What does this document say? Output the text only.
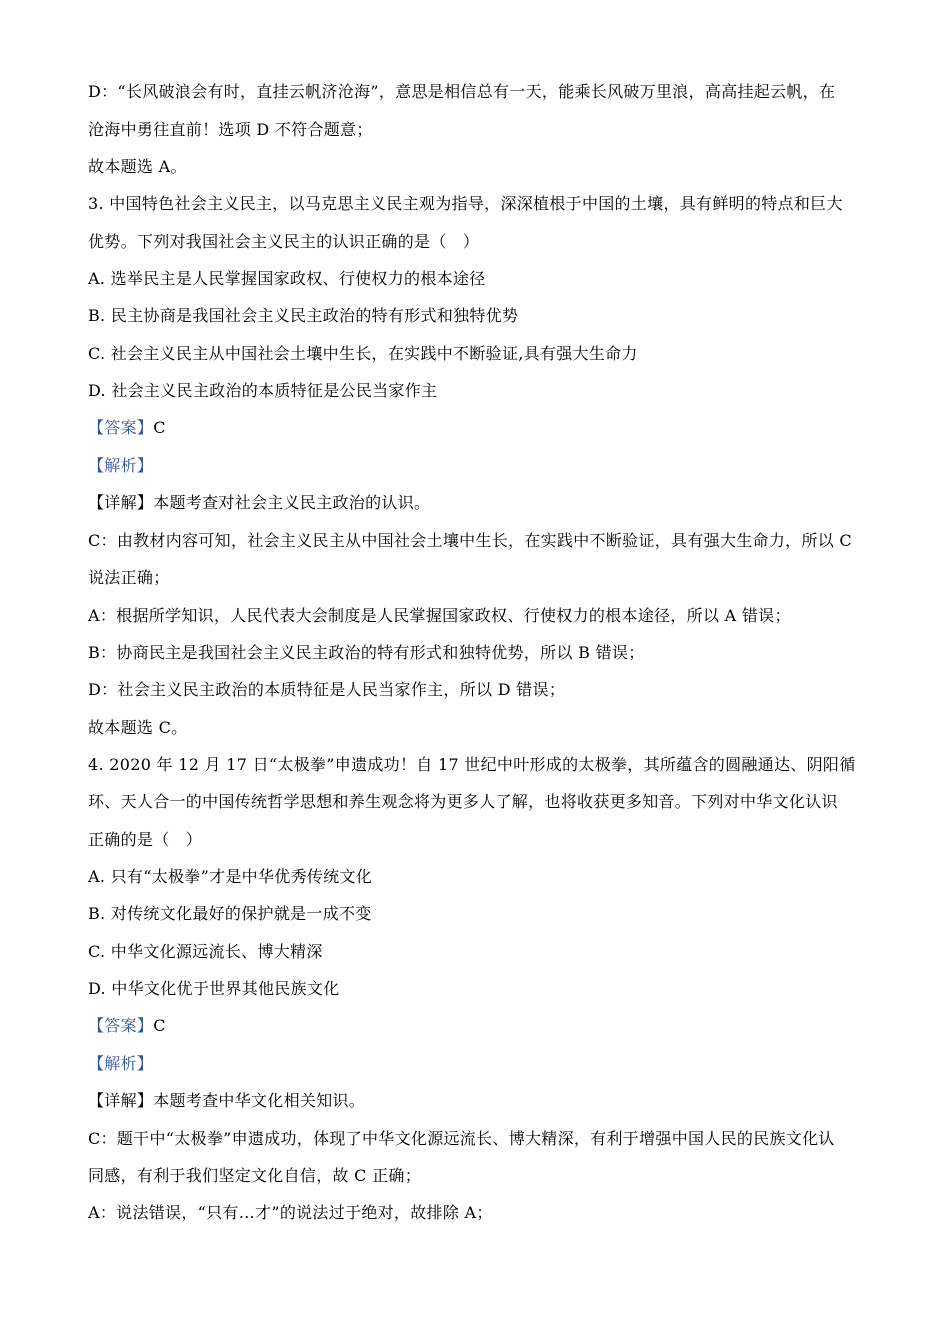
D：“长风破浪会有时，直挂云帆济沧海”，意思是相信总有一天，能乘长风破万里浪，高高挂起云帆，在
沧海中勇往直前！选项 D 不符合题意；
故本题选 A。
3. 中国特色社会主义民主，以马克思主义民主观为指导，深深植根于中国的土壤，具有鲜明的特点和巨大
优势。下列对我国社会主义民主的认识正确的是（　）
A. 选举民主是人民掌握国家政权、行使权力的根本途径
B. 民主协商是我国社会主义民主政治的特有形式和独特优势
C. 社会主义民主从中国社会土壤中生长，在实践中不断验证,具有强大生命力
D. 社会主义民主政治的本质特征是公民当家作主
【答案】C
【解析】
【详解】本题考查对社会主义民主政治的认识。
C：由教材内容可知，社会主义民主从中国社会土壤中生长，在实践中不断验证，具有强大生命力，所以 C
说法正确；
A：根据所学知识，人民代表大会制度是人民掌握国家政权、行使权力的根本途径，所以 A 错误；
B：协商民主是我国社会主义民主政治的特有形式和独特优势，所以 B 错误；
D：社会主义民主政治的本质特征是人民当家作主，所以 D 错误；
故本题选 C。
4. 2020 年 12 月 17 日“太极拳”申遗成功！自 17 世纪中叶形成的太极拳，其所蕴含的圆融通达、阴阳循
环、天人合一的中国传统哲学思想和养生观念将为更多人了解，也将收获更多知音。下列对中华文化认识
正确的是（　）
A. 只有“太极拳”才是中华优秀传统文化
B. 对传统文化最好的保护就是一成不变
C. 中华文化源远流长、博大精深
D. 中华文化优于世界其他民族文化
【答案】C
【解析】
【详解】本题考查中华文化相关知识。
C：题干中“太极拳”申遗成功，体现了中华文化源远流长、博大精深，有利于增强中国人民的民族文化认
同感，有利于我们坚定文化自信，故 C 正确；
A：说法错误，“只有…才”的说法过于绝对，故排除 A；
